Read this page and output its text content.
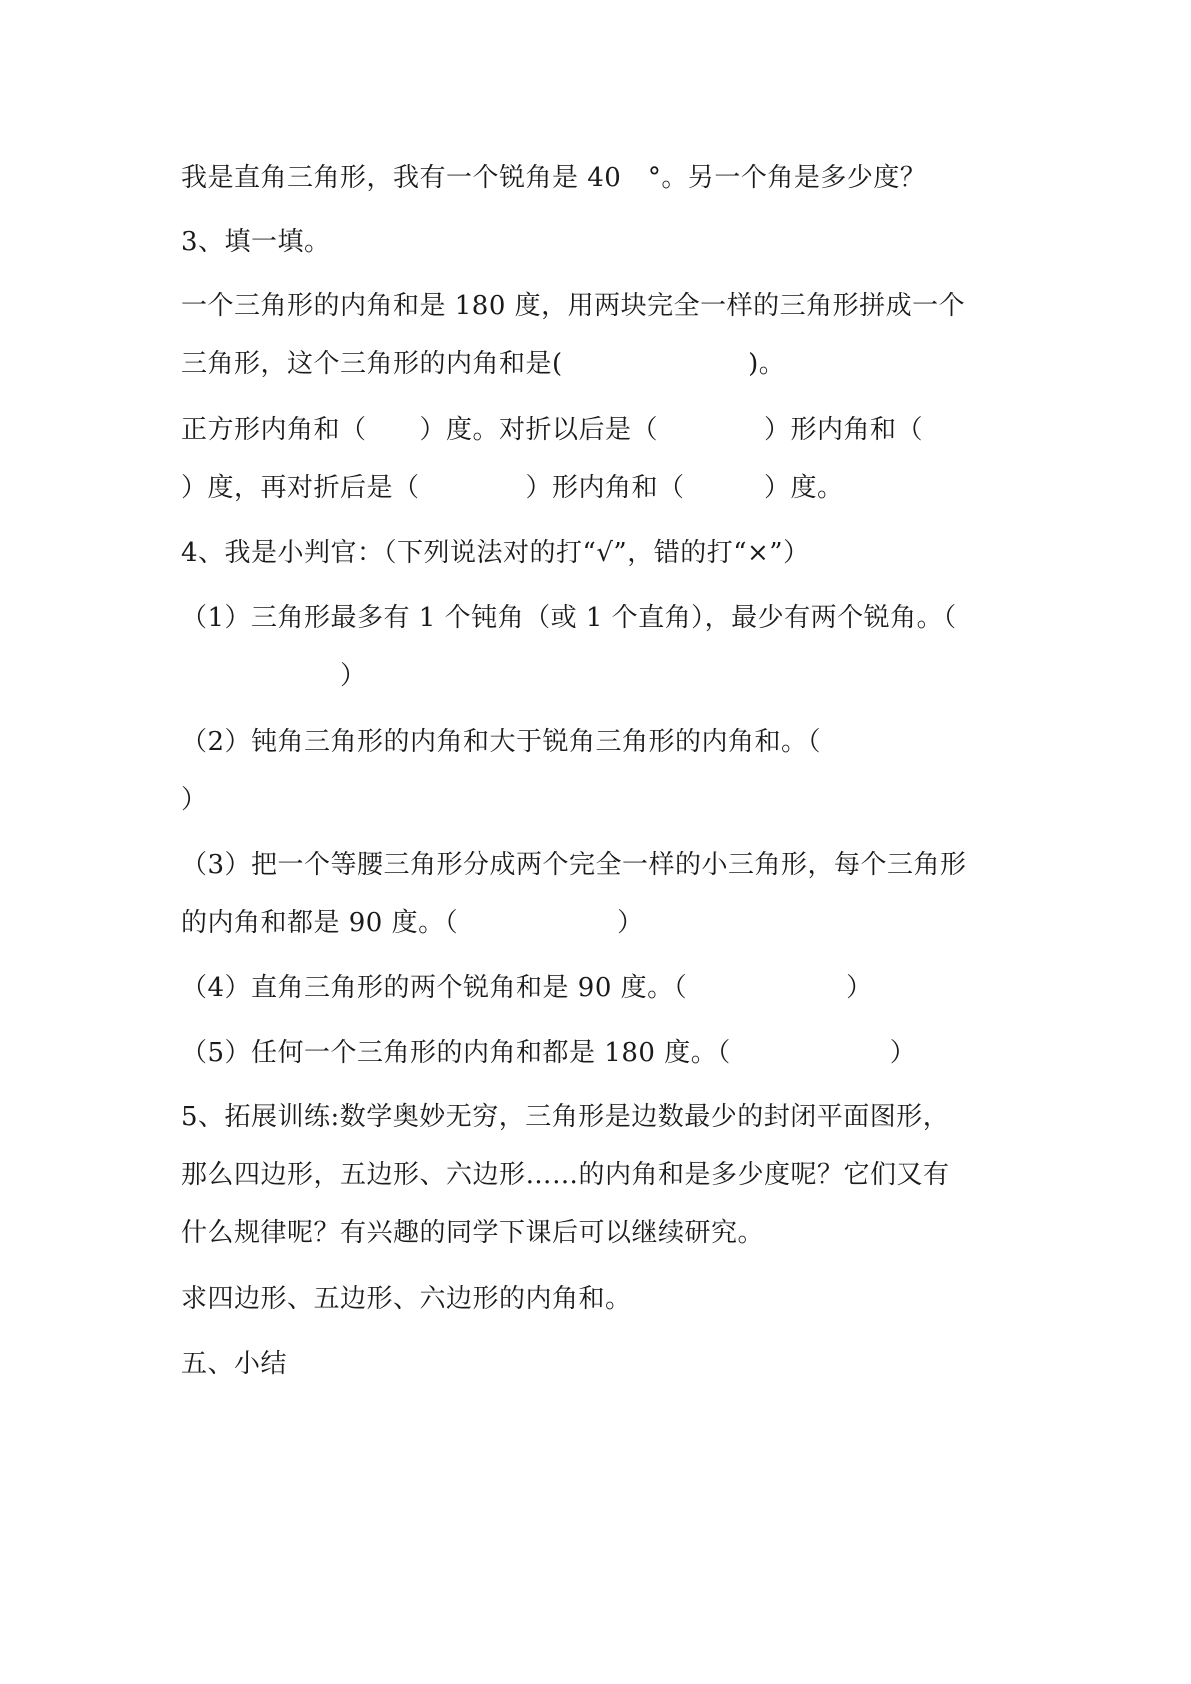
我是直角三角形，我有一个锐角是 40　°。另一个角是多少度？
3、填一填。
一个三角形的内角和是 180 度，用两块完全一样的三角形拼成一个
三角形，这个三角形的内角和是(　　　　　　　)。
正方形内角和（　　）度。对折以后是（　　　　）形内角和（
）度，再对折后是（　　　　）形内角和（　　　）度。
4、我是小判官：（下列说法对的打“√”，错的打“×”）
（1）三角形最多有 1 个钝角（或 1 个直角），最少有两个锐角。（
　　　　　　）
（2）钝角三角形的内角和大于锐角三角形的内角和。（
）
（3）把一个等腰三角形分成两个完全一样的小三角形，每个三角形
的内角和都是 90 度。（　　　　　　）
（4）直角三角形的两个锐角和是 90 度。（　　　　　　）
（5）任何一个三角形的内角和都是 180 度。（　　　　　　）
5、拓展训练:数学奥妙无穷，三角形是边数最少的封闭平面图形，
那么四边形，五边形、六边形……的内角和是多少度呢？它们又有
什么规律呢？有兴趣的同学下课后可以继续研究。
求四边形、五边形、六边形的内角和。
五、小结
